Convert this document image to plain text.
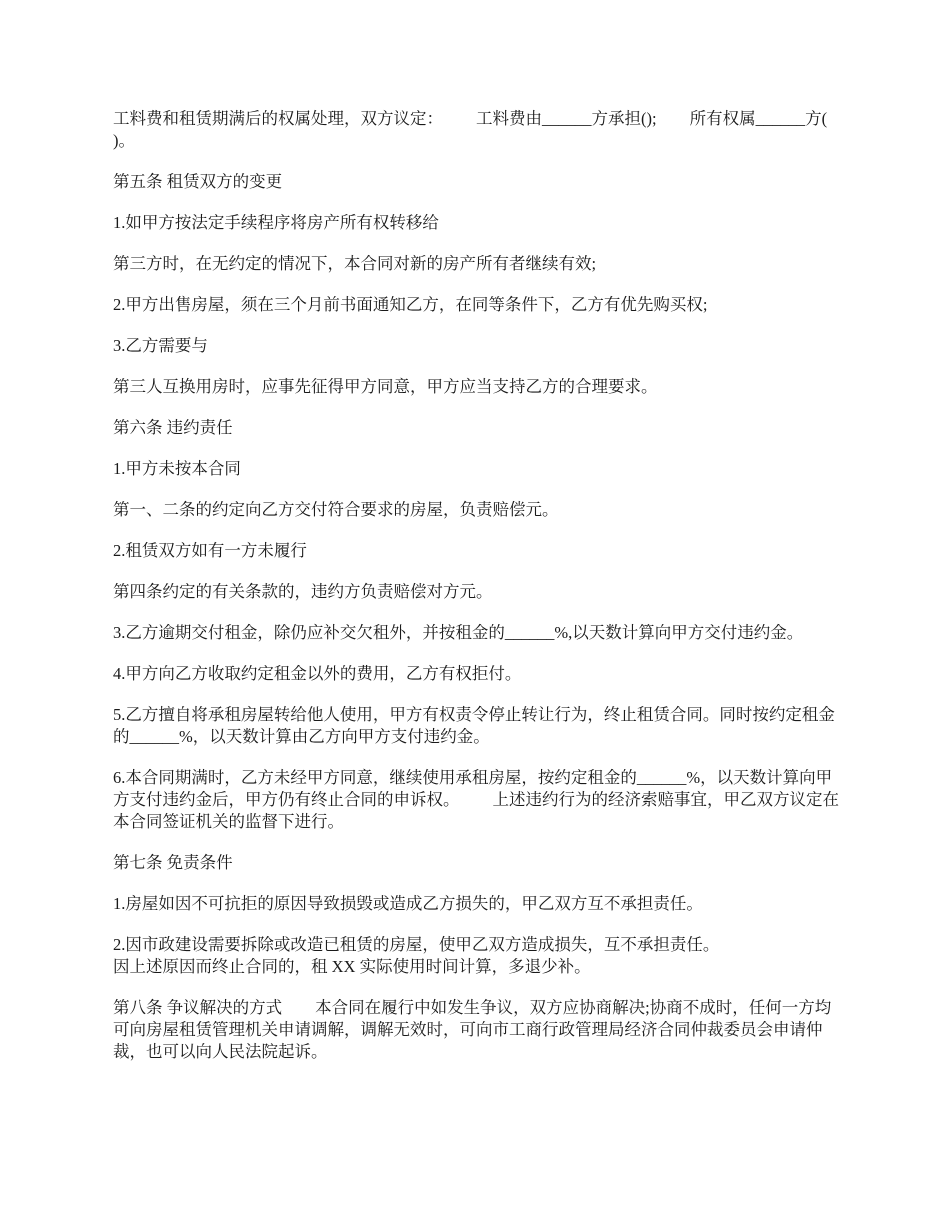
工料费和租赁期满后的权属处理，双方议定：        工料费由______方承担();        所有权属______方( )。

第五条 租赁双方的变更

1.如甲方按法定手续程序将房产所有权转移给

第三方时，在无约定的情况下，本合同对新的房产所有者继续有效;

2.甲方出售房屋，须在三个月前书面通知乙方，在同等条件下，乙方有优先购买权;

3.乙方需要与

第三人互换用房时，应事先征得甲方同意，甲方应当支持乙方的合理要求。

第六条 违约责任

1.甲方未按本合同

第一、二条的约定向乙方交付符合要求的房屋，负责赔偿元。

2.租赁双方如有一方未履行

第四条约定的有关条款的，违约方负责赔偿对方元。

3.乙方逾期交付租金，除仍应补交欠租外，并按租金的______%,以天数计算向甲方交付违约金。

4.甲方向乙方收取约定租金以外的费用，乙方有权拒付。

5.乙方擅自将承租房屋转给他人使用，甲方有权责令停止转让行为，终止租赁合同。同时按约定租金的______%，以天数计算由乙方向甲方支付违约金。

6.本合同期满时，乙方未经甲方同意，继续使用承租房屋，按约定租金的______%，以天数计算向甲方支付违约金后，甲方仍有终止合同的申诉权。        上述违约行为的经济索赔事宜，甲乙双方议定在本合同签证机关的监督下进行。

第七条 免责条件

1.房屋如因不可抗拒的原因导致损毁或造成乙方损失的，甲乙双方互不承担责任。

2.因市政建设需要拆除或改造已租赁的房屋，使甲乙双方造成损失，互不承担责任。
因上述原因而终止合同的，租 XX 实际使用时间计算，多退少补。

第八条 争议解决的方式        本合同在履行中如发生争议，双方应协商解决;协商不成时，任何一方均可向房屋租赁管理机关申请调解，调解无效时，可向市工商行政管理局经济合同仲裁委员会申请仲裁，也可以向人民法院起诉。
